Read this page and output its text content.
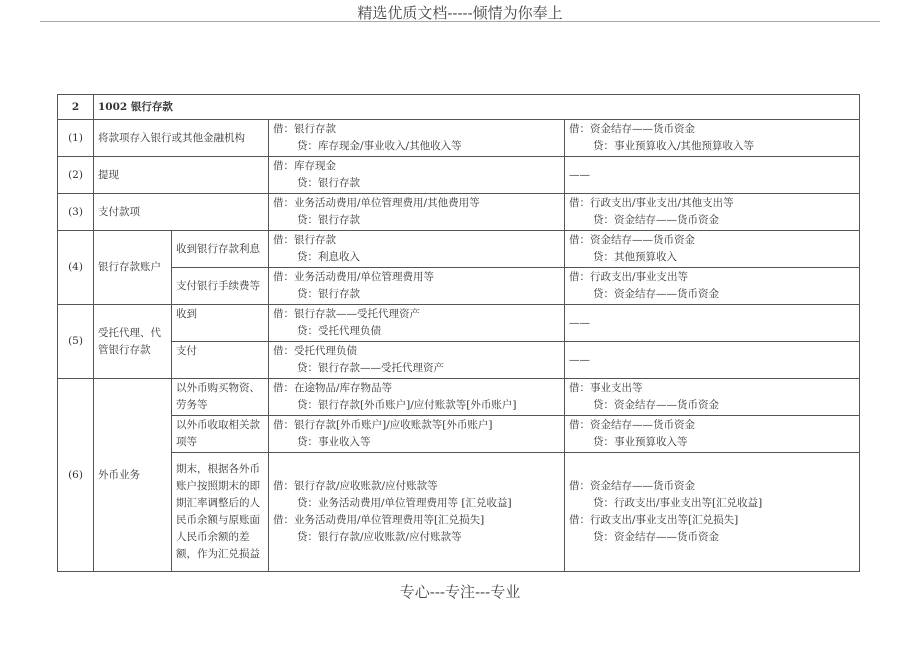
精选优质文档-----倾情为你奉上
2	1002 银行存款			
(1)	将款项存入银行或其他金融机构		借：银行存款
贷：库存现金/事业收入/其他收入等	借：资金结存——货币资金
贷：事业预算收入/其他预算收入等

(2)	提现		借：库存现金
贷：银行存款	——
(3)	支付款项		借：业务活动费用/单位管理费用/其他费用等
贷：银行存款	借：行政支出/事业支出/其他支出等
贷：资金结存——货币资金

(4)	银行存款账户	收到银行存款利息	借：银行存款
贷：利息收入	借：资金结存——货币资金
贷：其他预算收入

		支付银行手续费等	借：业务活动费用/单位管理费用等
贷：银行存款	借：行政支出/事业支出等
贷：资金结存——货币资金

(5)	受托代理、代管银行存款	收到	借：银行存款——受托代理资产
贷：受托代理负债	——
		支付	借：受托代理负债
贷：银行存款——受托代理资产	——
(6)	外币业务	以外币购买物资、劳务等	借：在途物品/库存物品等
贷：银行存款[外币账户]/应付账款等[外币账户]	借：事业支出等
贷：资金结存——货币资金

		以外币收取相关款项等	借：银行存款[外币账户]/应收账款等[外币账户]
贷：事业收入等	借：资金结存——货币资金
贷：事业预算收入等

		期末，根据各外币账户按照期末的即期汇率调整后的人民币余额与原账面人民币余额的差额，作为汇兑损益	借：银行存款/应收账款/应付账款等
贷：业务活动费用/单位管理费用等 [汇兑收益]
借：业务活动费用/单位管理费用等[汇兑损失]
贷：银行存款/应收账款/应付账款等	借：资金结存——货币资金
贷：行政支出/事业支出等[汇兑收益]
借：行政支出/事业支出等[汇兑损失]
贷：资金结存——货币资金
专心---专注---专业
